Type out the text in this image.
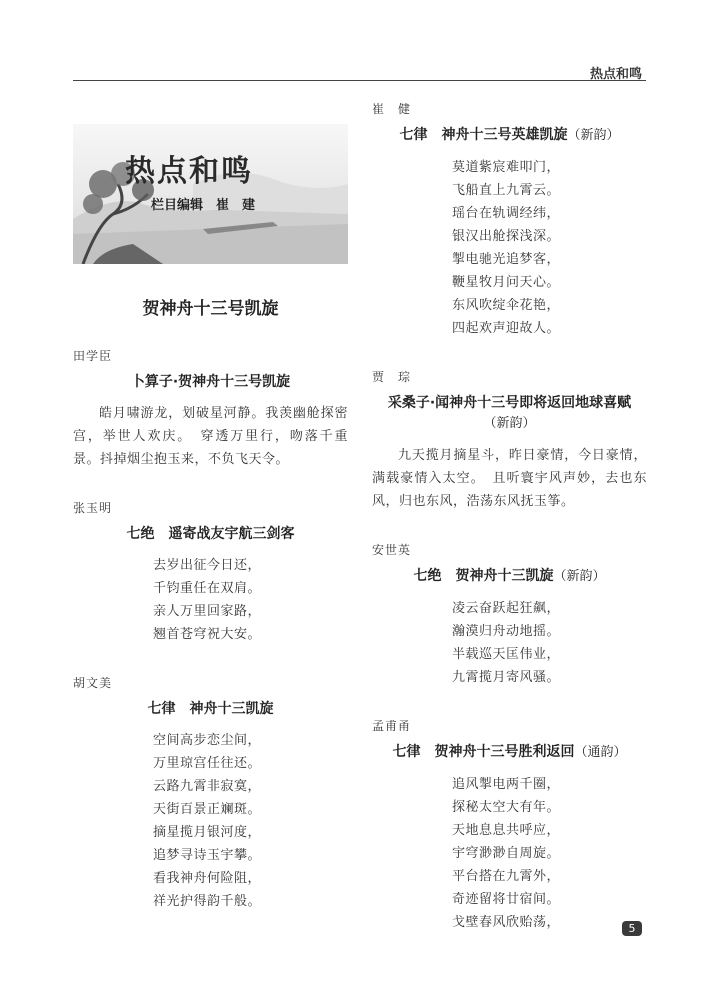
热点和鸣
热点和鸣
栏目编辑　崔　建
贺神舟十三号凯旋
田学臣
卜算子·贺神舟十三号凯旋
皓月啸游龙，划破星河静。我羡幽舱探密宫，举世人欢庆。　穿透万里行，吻落千重景。抖掉烟尘抱玉来，不负飞天令。
张玉明
七绝　遥寄战友宇航三剑客
去岁出征今日还，
千钧重任在双肩。
亲人万里回家路，
翘首苍穹祝大安。
胡文美
七律　神舟十三凯旋
空间高步恋尘间，
万里琼宫任往还。
云路九霄非寂寞，
天街百景正斓斑。
摘星揽月银河度，
追梦寻诗玉宇攀。
看我神舟何险阻，
祥光护得韵千般。
崔　健
七律　神舟十三号英雄凯旋（新韵）
莫道紫宸难叩门，
飞船直上九霄云。
瑶台在轨调经纬，
银汉出舱探浅深。
掣电驰光追梦客，
鞭星牧月问天心。
东风吹绽伞花艳，
四起欢声迎故人。
贾　琮
采桑子·闻神舟十三号即将返回地球喜赋
（新韵）
九天揽月摘星斗，昨日豪情，今日豪情，满载豪情入太空。　且听寰宇风声妙，去也东风，归也东风，浩荡东风抚玉筝。
安世英
七绝　贺神舟十三凯旋（新韵）
凌云奋跃起狂飙，
瀚漠归舟动地摇。
半载巡天匡伟业，
九霄揽月寄风骚。
孟甫甬
七律　贺神舟十三号胜利返回（通韵）
追风掣电两千圈，
探秘太空大有年。
天地息息共呼应，
宇穹渺渺自周旋。
平台搭在九霄外，
奇迹留将廿宿间。
戈壁春风欣贻荡，	5
